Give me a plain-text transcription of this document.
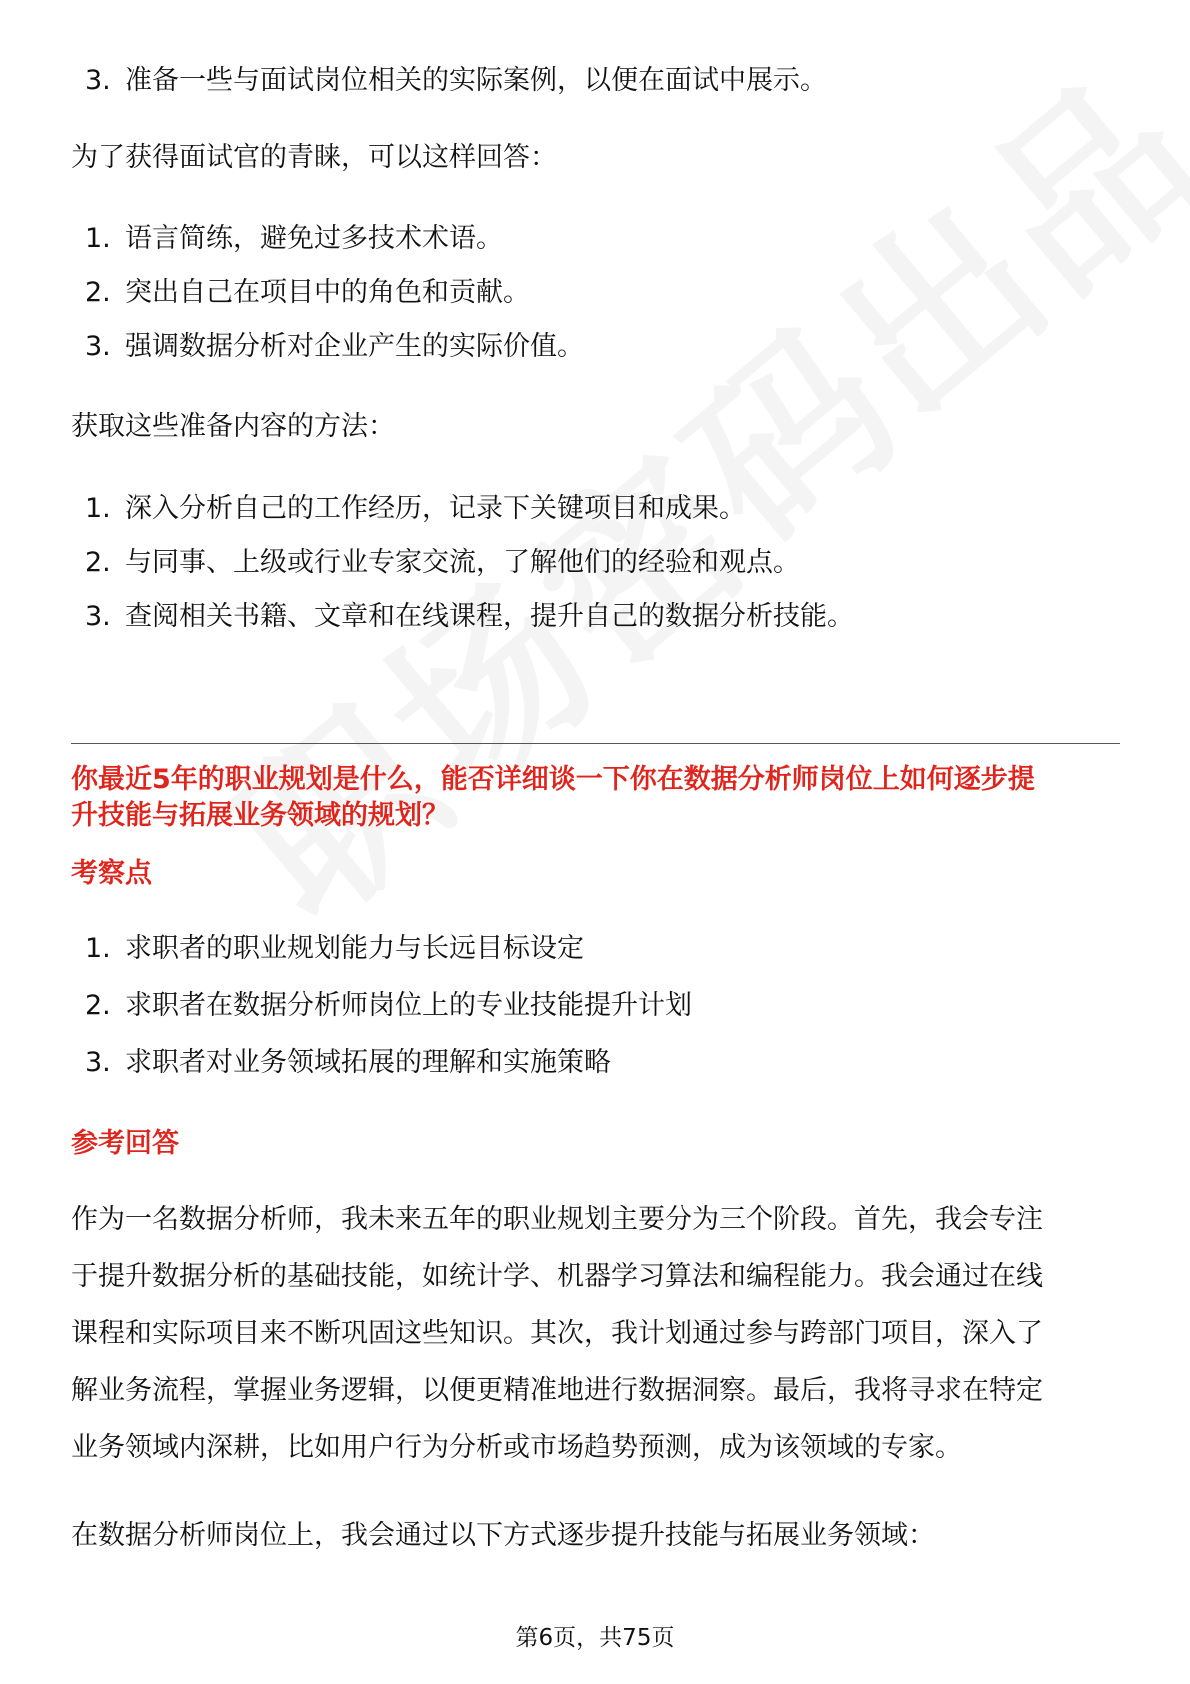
3. 准备一些与面试岗位相关的实际案例，以便在面试中展示。

为了获得面试官的青睐，可以这样回答：

1. 语言简练，避免过多技术术语。
2. 突出自己在项目中的角色和贡献。
3. 强调数据分析对企业产生的实际价值。

获取这些准备内容的方法：

1. 深入分析自己的工作经历，记录下关键项目和成果。
2. 与同事、上级或行业专家交流，了解他们的经验和观点。
3. 查阅相关书籍、文章和在线课程，提升自己的数据分析技能。
你最近5年的职业规划是什么，能否详细谈一下你在数据分析师岗位上如何逐步提
升技能与拓展业务领域的规划？

考察点

1. 求职者的职业规划能力与长远目标设定
2. 求职者在数据分析师岗位上的专业技能提升计划
3. 求职者对业务领域拓展的理解和实施策略

参考回答

作为一名数据分析师，我未来五年的职业规划主要分为三个阶段。首先，我会专注
于提升数据分析的基础技能，如统计学、机器学习算法和编程能力。我会通过在线
课程和实际项目来不断巩固这些知识。其次，我计划通过参与跨部门项目，深入了
解业务流程，掌握业务逻辑，以便更精准地进行数据洞察。最后，我将寻求在特定
业务领域内深耕，比如用户行为分析或市场趋势预测，成为该领域的专家。

在数据分析师岗位上，我会通过以下方式逐步提升技能与拓展业务领域：

第6页，共75页
